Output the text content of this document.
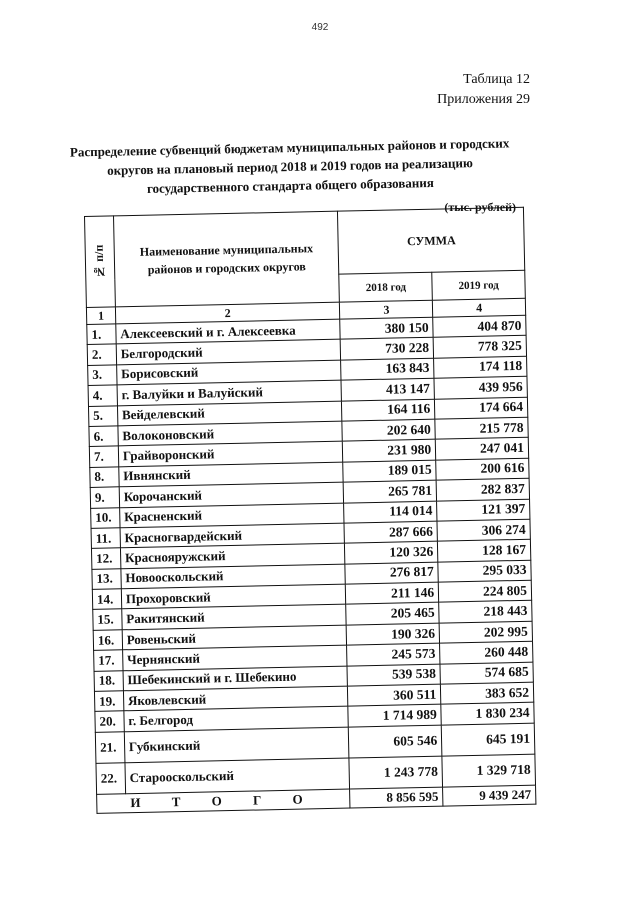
492
Таблица 12
Приложения 29
Распределение субвенций бюджетам муниципальных районов и городских округов на плановый период 2018 и 2019 годов на реализацию государственного стандарта общего образования
(тыс. рублей)
№ п/п	Наименование муниципальных районов и городских округов	СУММА	
		2018 год	2019 год
1	2	3	4
1.	Алексеевский и г. Алексеевка	380 150	404 870
2.	Белгородский	730 228	778 325
3.	Борисовский	163 843	174 118
4.	г. Валуйки и Валуйский	413 147	439 956
5.	Вейделевский	164 116	174 664
6.	Волоконовский	202 640	215 778
7.	Грайворонский	231 980	247 041
8.	Ивнянский	189 015	200 616
9.	Корочанский	265 781	282 837
10.	Красненский	114 014	121 397
11.	Красногвардейский	287 666	306 274
12.	Краснояружский	120 326	128 167
13.	Новооскольский	276 817	295 033
14.	Прохоровский	211 146	224 805
15.	Ракитянский	205 465	218 443
16.	Ровеньский	190 326	202 995
17.	Чернянский	245 573	260 448
18.	Шебекинский и г. Шебекино	539 538	574 685
19.	Яковлевский	360 511	383 652
20.	г. Белгород	1 714 989	1 830 234
21.	Губкинский	605 546	645 191
22.	Старооскольский	1 243 778	1 329 718
И Т О Г О		8 856 595	9 439 247
